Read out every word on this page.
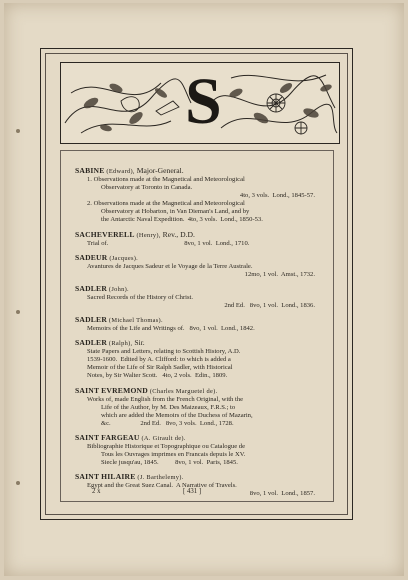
S
SABINE (Edward), Major-General.
1. Observations made at the Magnetical and Meteorological
Observatory at Toronto in Canada.
4to, 3 vols.  Lond., 1845-57.
2. Observations made at the Magnetical and Meteorological
Observatory at Hobarton, in Van Dieman's Land, and by
the Antarctic Naval Expedition.  4to, 3 vols.  Lond., 1850-53.
SACHEVERELL (Henry), Rev., D.D.
Trial of.                                              8vo, 1 vol.  Lond., 1710.
SADEUR (Jacques).
Avantures de Jacques Sadeur et le Voyage de la Terre Australe.
12mo, 1 vol.  Amst., 1732.
SADLER (John).
Sacred Records of the History of Christ.
2nd Ed.   8vo, 1 vol.  Lond., 1836.
SADLER (Michael Thomas).
Memoirs of the Life and Writings of.   8vo, 1 vol.  Lond., 1842.
SADLER (Ralph), Sir.
State Papers and Letters, relating to Scottish History, A.D.
1539-1600.  Edited by A. Clifford: to which is added a
Memoir of the Life of Sir Ralph Sadler, with Historical
Notes, by Sir Walter Scott.   4to, 2 vols.  Edin., 1809.
SAINT EVREMOND (Charles Marguetel de).
Works of, made English from the French Original, with the
Life of the Author, by M. Des Maizeaux, F.R.S.; to
which are added the Memoirs of the Duchess of Mazarin,
&c.                  2nd Ed.   8vo, 3 vols.  Lond., 1728.
SAINT FARGEAU (A. Girault de).
Bibliographie Historique et Topographique ou Catalogue de
Tous les Ouvrages imprimes en Francais depuis le XV.
Siecle jusqu'au, 1845.          8vo, 1 vol.  Paris, 1845.
SAINT HILAIRE (J. Barthelemy).
Egypt and the Great Suez Canal.  A Narrative of Travels.
8vo, 1 vol.  Lond., 1857.
2 x	[ 431 ]
